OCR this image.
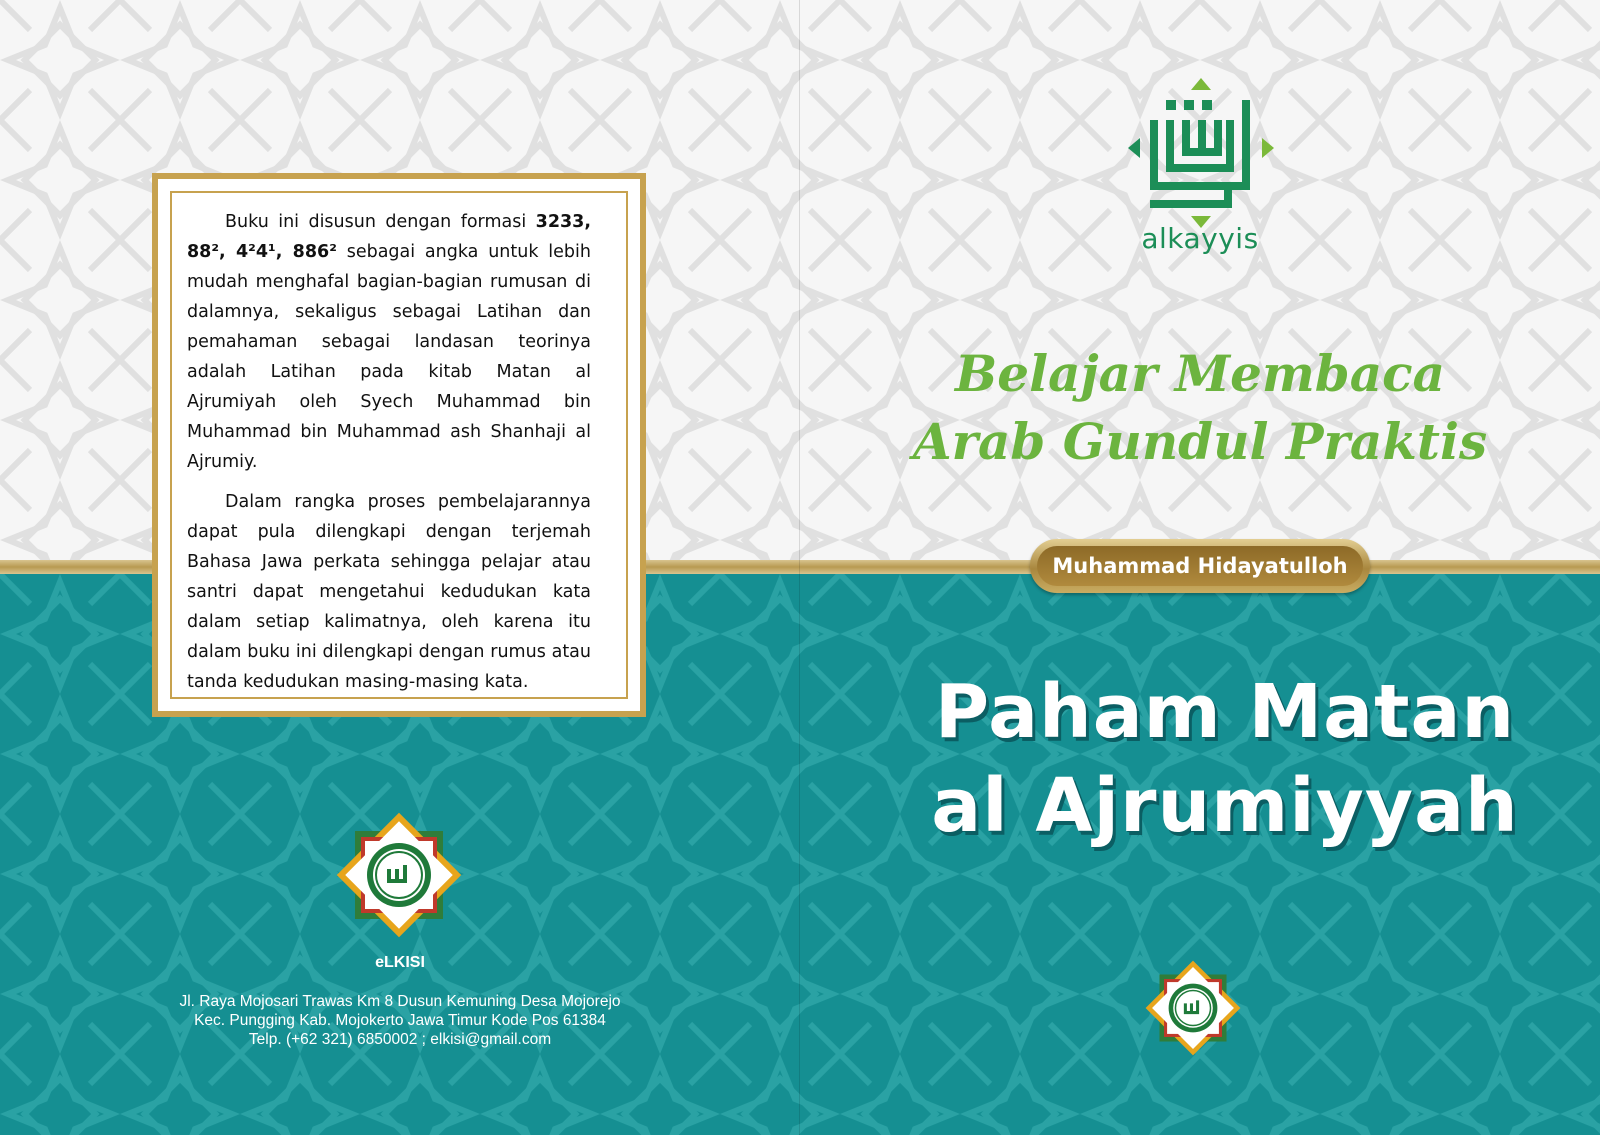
Buku ini disusun dengan formasi 3233, 88², 4²4¹, 886² sebagai angka untuk lebih mudah menghafal bagian-bagian rumusan di dalamnya, sekaligus sebagai Latihan dan pemahaman sebagai landasan teorinya adalah Latihan pada kitab Matan al Ajrumiyah oleh Syech Muhammad bin Muhammad bin Muhammad ash Shanhaji al Ajrumiy.

Dalam rangka proses pembelajarannya dapat pula dilengkapi dengan terjemah Bahasa Jawa perkata sehingga pelajar atau santri dapat mengetahui kedudukan kata dalam setiap kalimatnya, oleh karena itu dalam buku ini dilengkapi dengan rumus atau tanda kedudukan masing-masing kata.

eLKISI
Jl. Raya Mojosari Trawas Km 8 Dusun Kemuning Desa Mojorejo
Kec. Pungging Kab. Mojokerto Jawa Timur Kode Pos 61384
Telp. (+62 321) 6850002 ; elkisi@gmail.com
alkayyis
Belajar Membaca
Arab Gundul Praktis
Muhammad Hidayatulloh
Paham Matan
al Ajrumiyyah
